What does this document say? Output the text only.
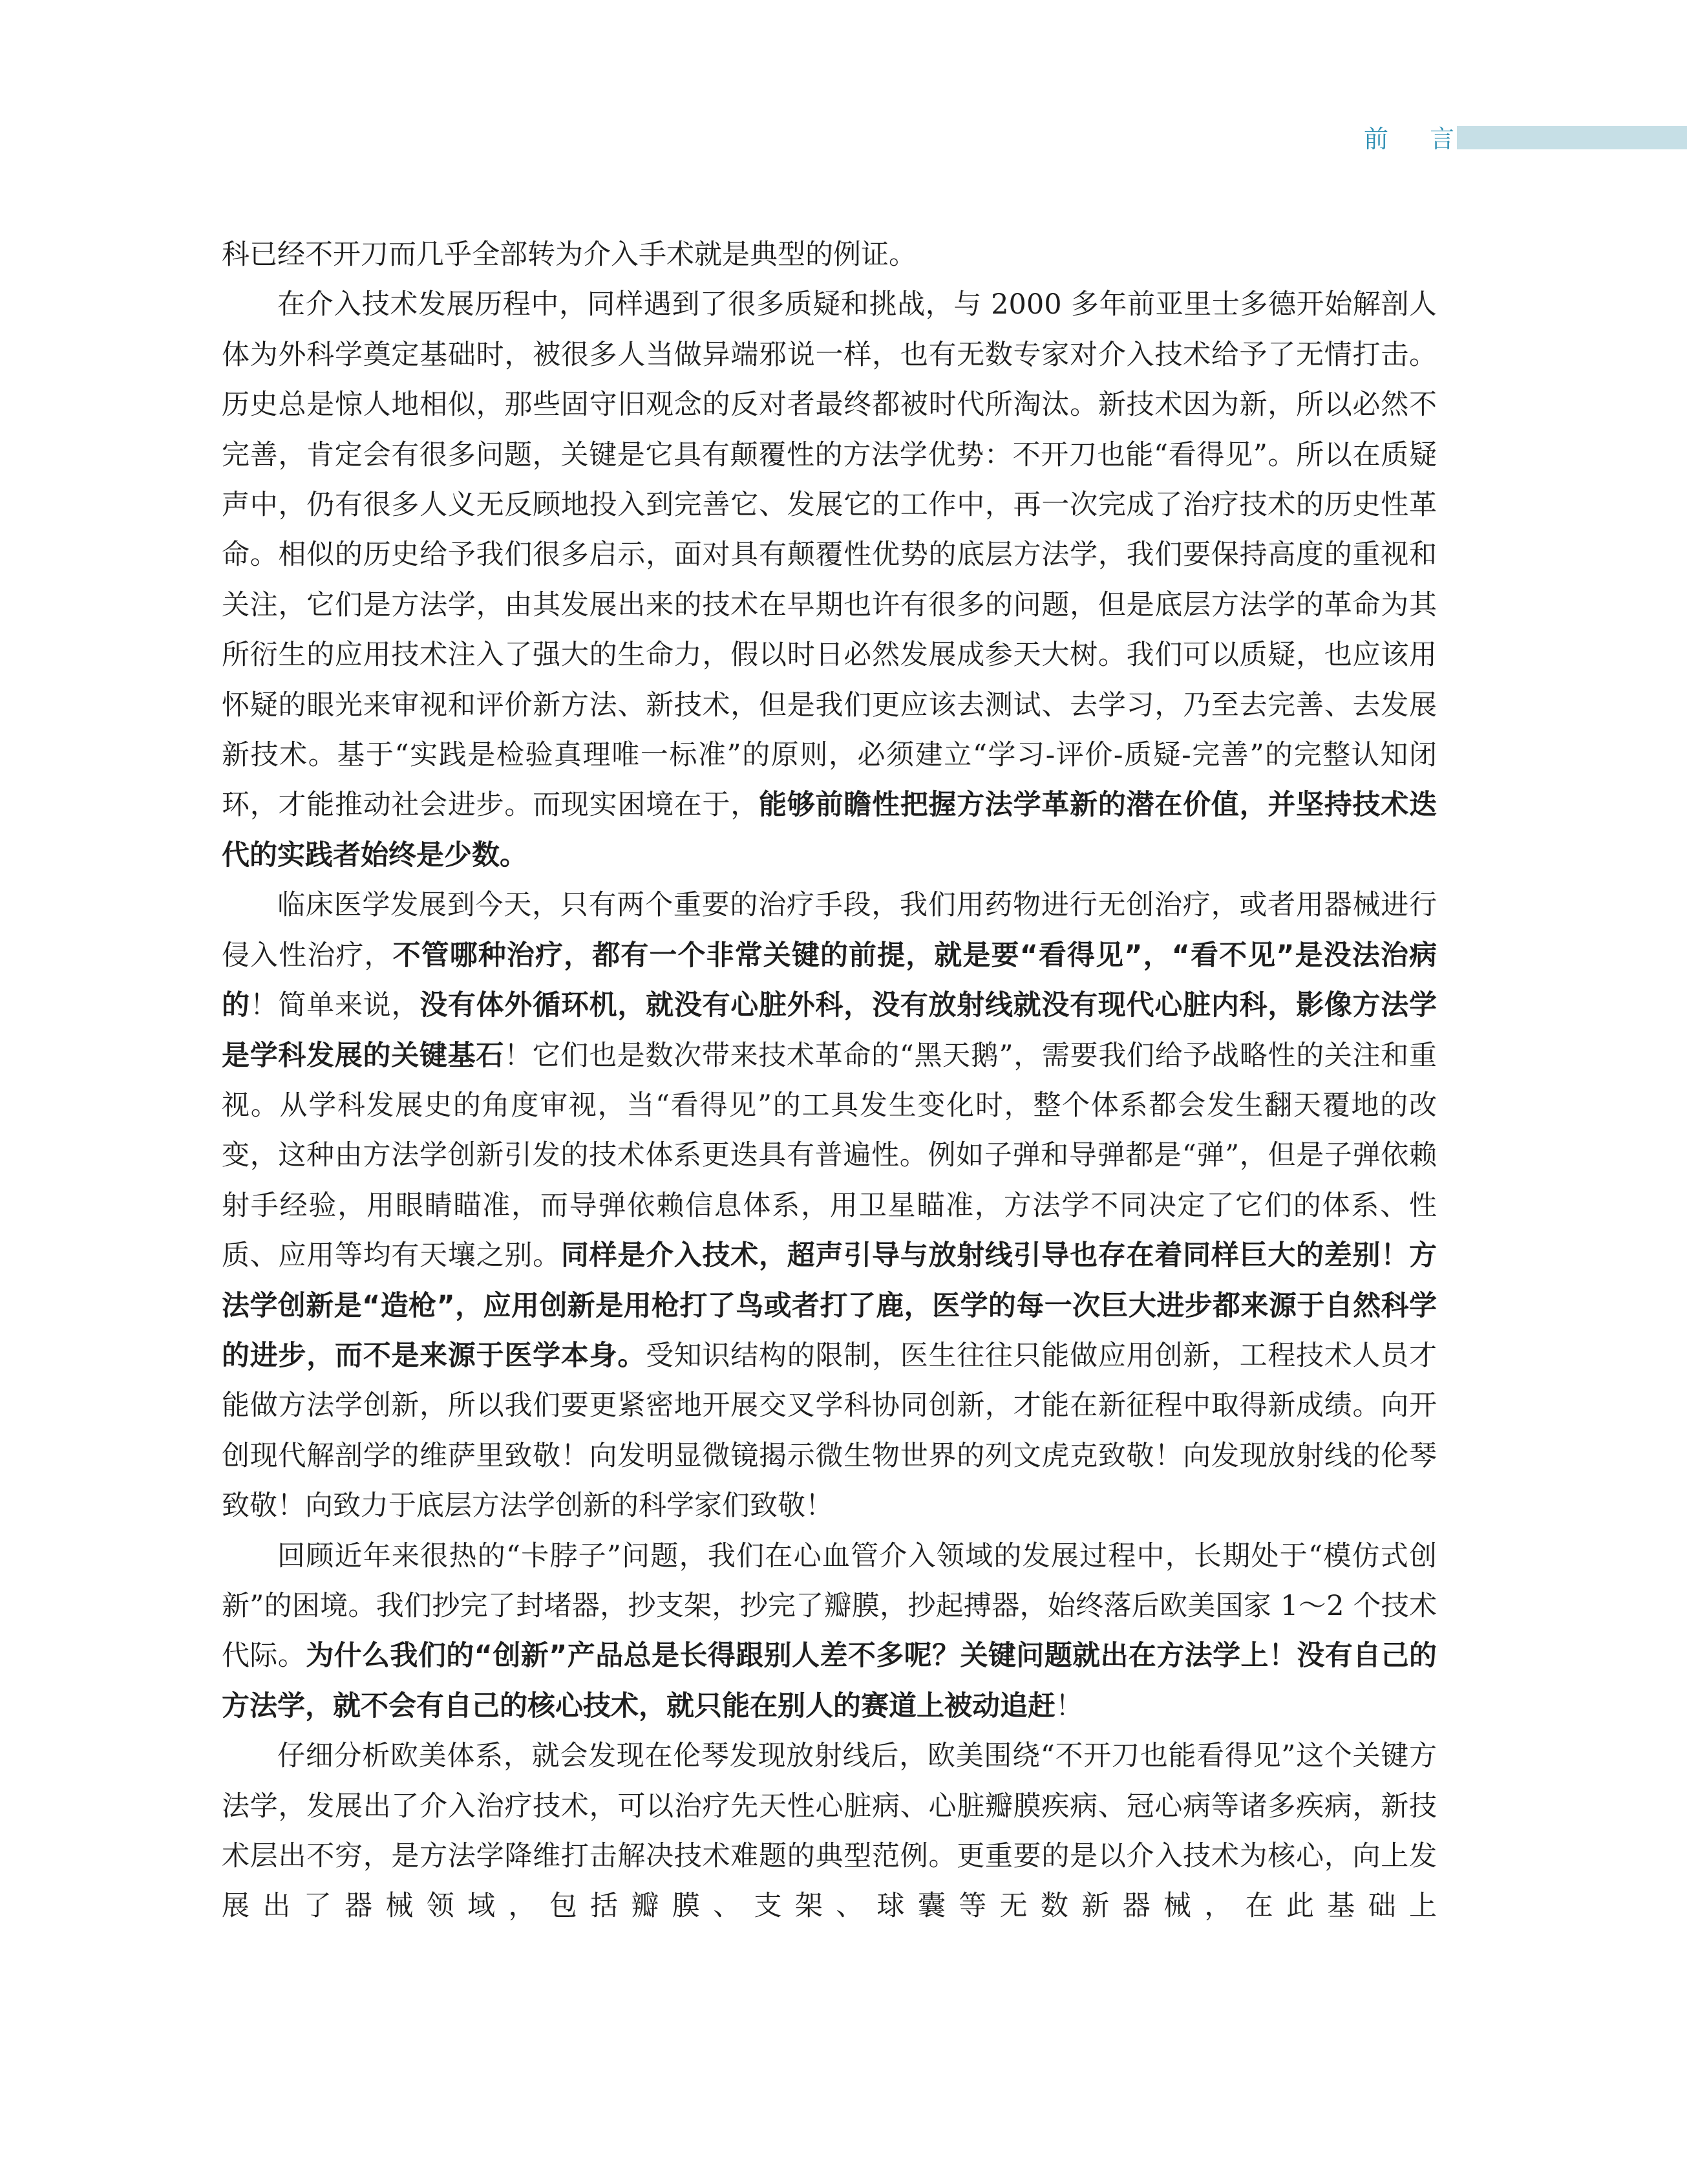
前 言

科已经不开刀而几乎全部转为介入手术就是典型的例证。

在介入技术发展历程中，同样遇到了很多质疑和挑战，与 2000 多年前亚里士多德开始解剖人体为外科学奠定基础时，被很多人当做异端邪说一样，也有无数专家对介入技术给予了无情打击。历史总是惊人地相似，那些固守旧观念的反对者最终都被时代所淘汰。新技术因为新，所以必然不完善，肯定会有很多问题，关键是它具有颠覆性的方法学优势：不开刀也能“看得见”。所以在质疑声中，仍有很多人义无反顾地投入到完善它、发展它的工作中，再一次完成了治疗技术的历史性革命。相似的历史给予我们很多启示，面对具有颠覆性优势的底层方法学，我们要保持高度的重视和关注，它们是方法学，由其发展出来的技术在早期也许有很多的问题，但是底层方法学的革命为其所衍生的应用技术注入了强大的生命力，假以时日必然发展成参天大树。我们可以质疑，也应该用怀疑的眼光来审视和评价新方法、新技术，但是我们更应该去测试、去学习，乃至去完善、去发展新技术。基于“实践是检验真理唯一标准”的原则，必须建立“学习-评价-质疑-完善”的完整认知闭环，才能推动社会进步。而现实困境在于，能够前瞻性把握方法学革新的潜在价值，并坚持技术迭代的实践者始终是少数。

临床医学发展到今天，只有两个重要的治疗手段，我们用药物进行无创治疗，或者用器械进行侵入性治疗，不管哪种治疗，都有一个非常关键的前提，就是要“看得见”，“看不见”是没法治病的！简单来说，没有体外循环机，就没有心脏外科，没有放射线就没有现代心脏内科，影像方法学是学科发展的关键基石！它们也是数次带来技术革命的“黑天鹅”，需要我们给予战略性的关注和重视。从学科发展史的角度审视，当“看得见”的工具发生变化时，整个体系都会发生翻天覆地的改变，这种由方法学创新引发的技术体系更迭具有普遍性。例如子弹和导弹都是“弹”，但是子弹依赖射手经验，用眼睛瞄准，而导弹依赖信息体系，用卫星瞄准，方法学不同决定了它们的体系、性质、应用等均有天壤之别。同样是介入技术，超声引导与放射线引导也存在着同样巨大的差别！方法学创新是“造枪”，应用创新是用枪打了鸟或者打了鹿，医学的每一次巨大进步都来源于自然科学的进步，而不是来源于医学本身。受知识结构的限制，医生往往只能做应用创新，工程技术人员才能做方法学创新，所以我们要更紧密地开展交叉学科协同创新，才能在新征程中取得新成绩。向开创现代解剖学的维萨里致敬！向发明显微镜揭示微生物世界的列文虎克致敬！向发现放射线的伦琴致敬！向致力于底层方法学创新的科学家们致敬！

回顾近年来很热的“卡脖子”问题，我们在心血管介入领域的发展过程中，长期处于“模仿式创新”的困境。我们抄完了封堵器，抄支架，抄完了瓣膜，抄起搏器，始终落后欧美国家 1～2 个技术代际。为什么我们的“创新”产品总是长得跟别人差不多呢？关键问题就出在方法学上！没有自己的方法学，就不会有自己的核心技术，就只能在别人的赛道上被动追赶！

仔细分析欧美体系，就会发现在伦琴发现放射线后，欧美围绕“不开刀也能看得见”这个关键方法学，发展出了介入治疗技术，可以治疗先天性心脏病、心脏瓣膜疾病、冠心病等诸多疾病，新技术层出不穷，是方法学降维打击解决技术难题的典型范例。更重要的是以介入技术为核心，向上发展出了器械领域，包括瓣膜、支架、球囊等无数新器械，在此基础上
